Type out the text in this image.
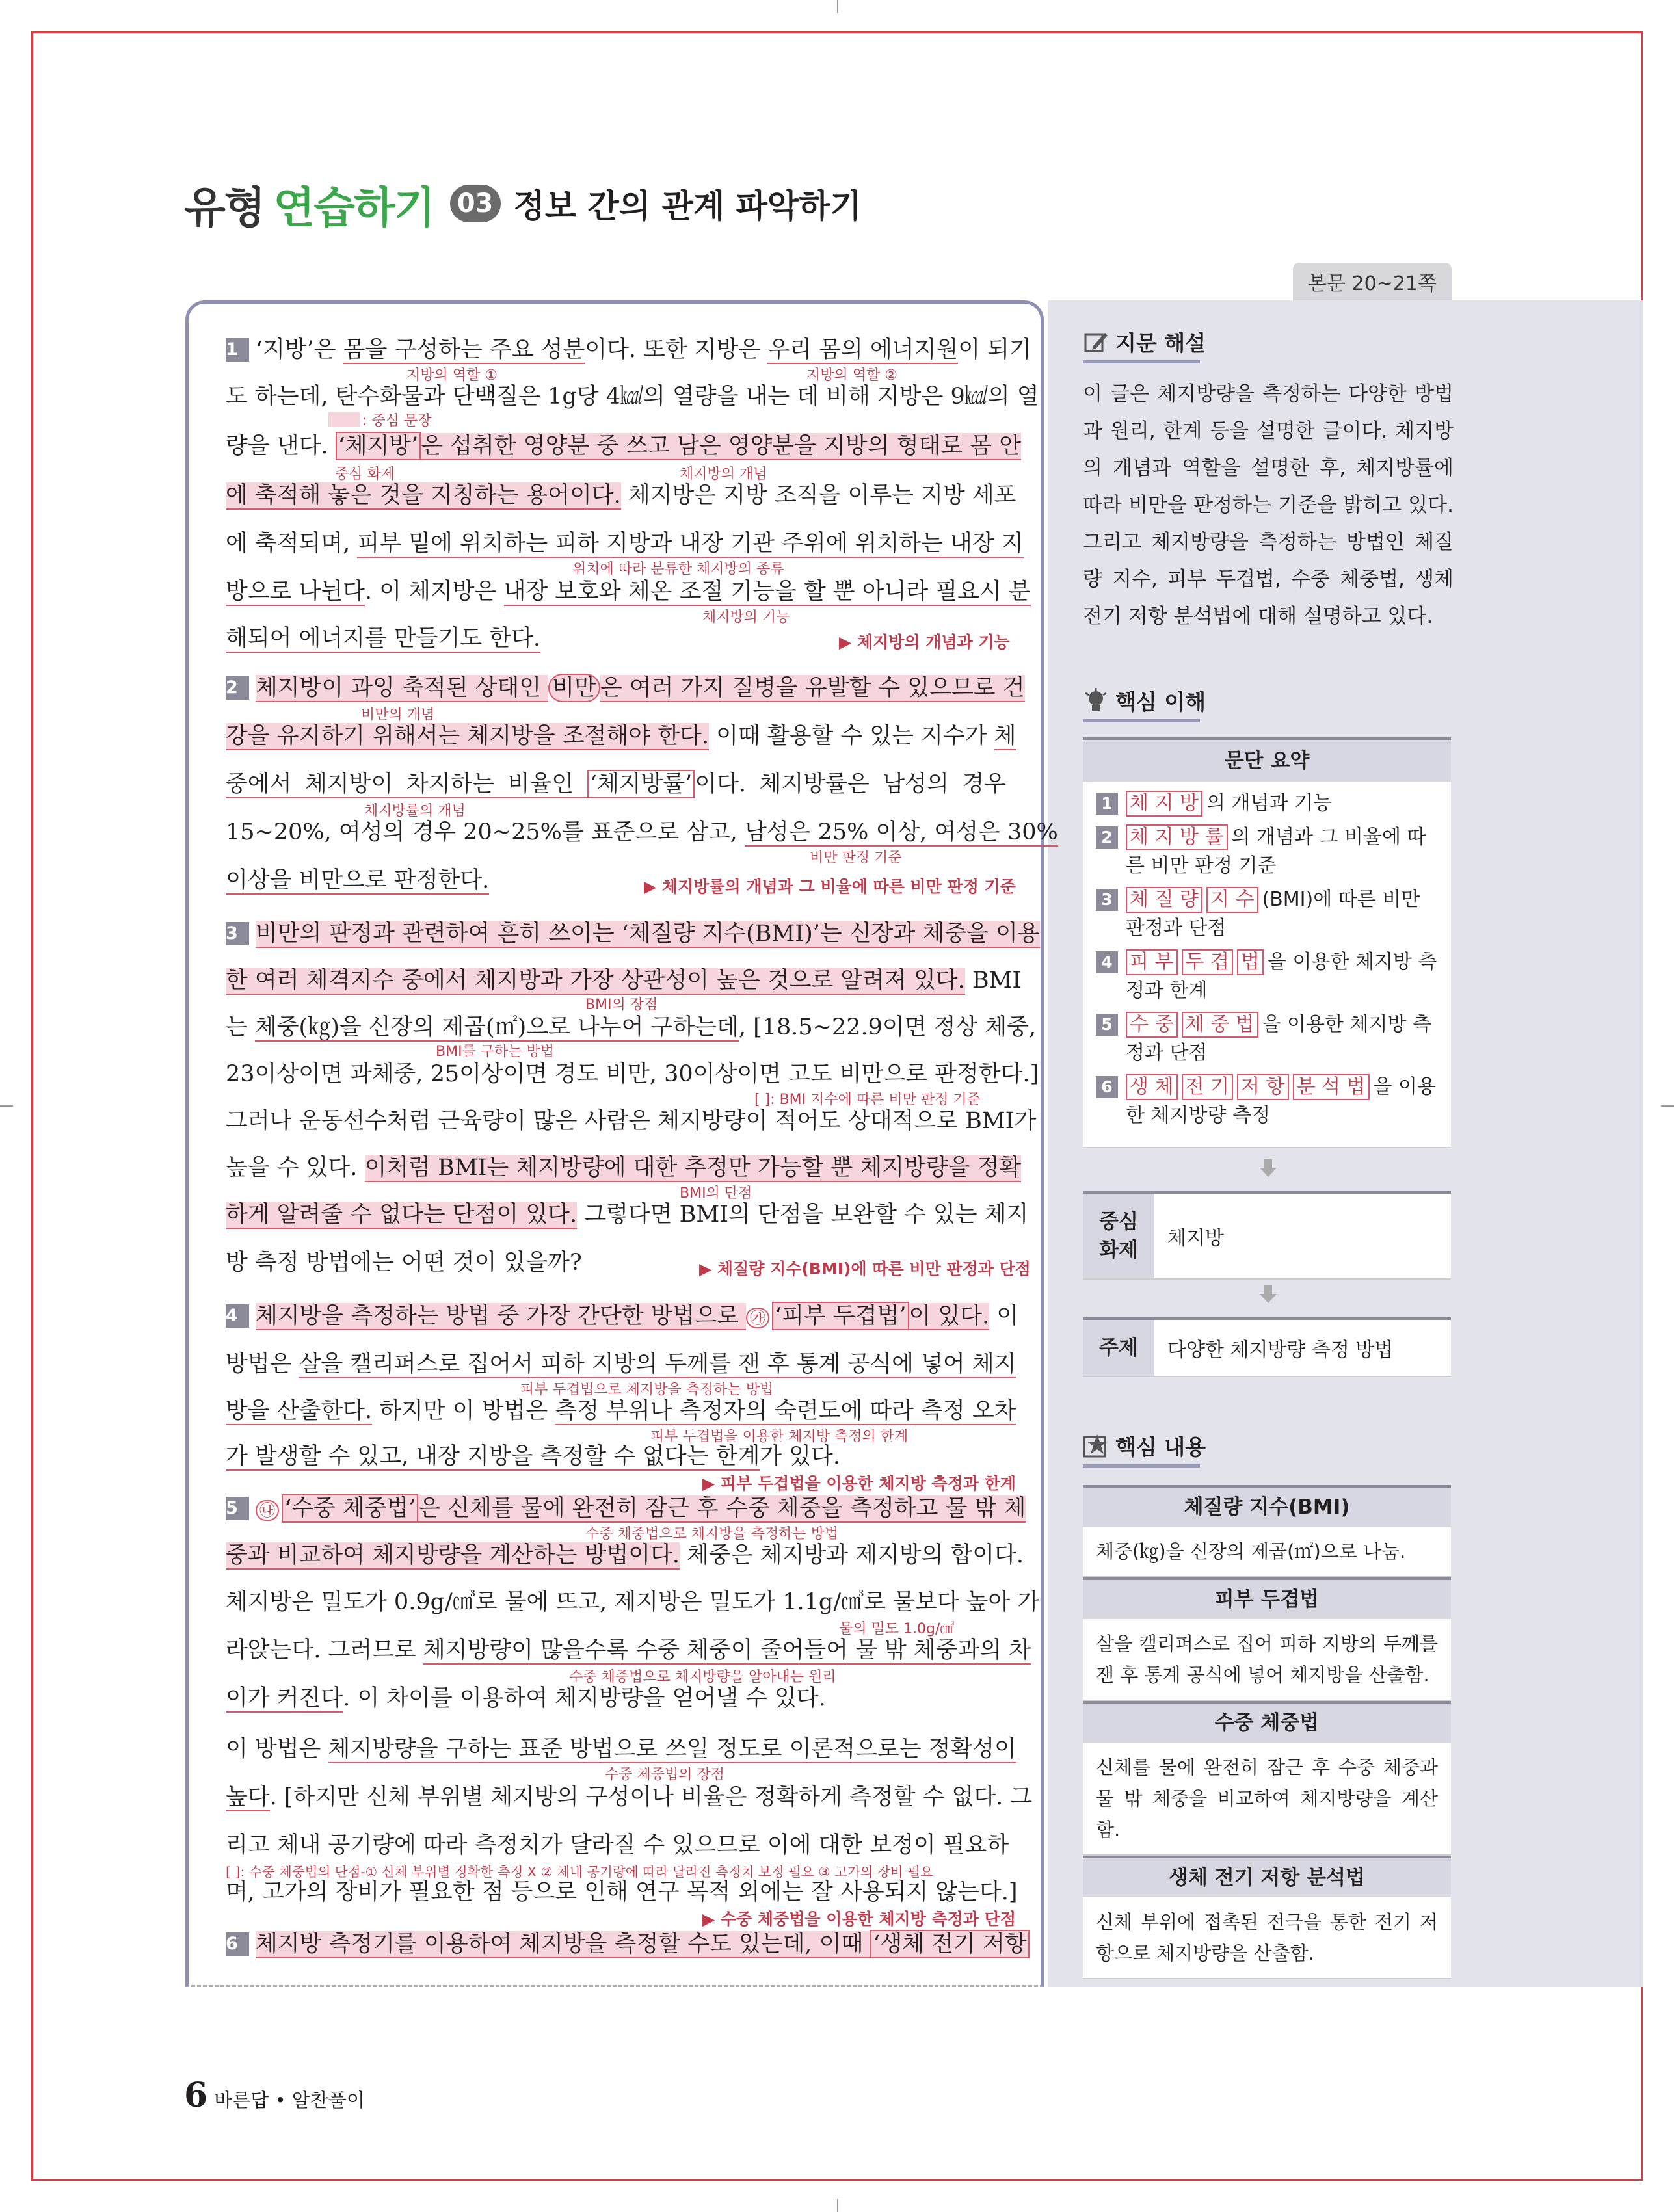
유형 연습하기 03 정보 간의 관계 파악하기
본문 20~21쪽
1 ‘지방’은 몸을 구성하는 주요 성분이다. 또한 지방은 우리 몸의 에너지원이 되기
도 하는데, 탄수화물과 단백질은 1g당 4㎉의 열량을 내는 데 비해 지방은 9㎉의 열
량을 낸다. ‘체지방’ 은 섭취한 영양분 중 쓰고 남은 영양분을 지방의 형태로 몸 안
에 축적해 놓은 것을 지칭하는 용어이다. 체지방은 지방 조직을 이루는 지방 세포
에 축적되며, 피부 밑에 위치하는 피하 지방과 내장 기관 주위에 위치하는 내장 지
방으로 나뉜다. 이 체지방은 내장 보호와 체온 조절 기능을 할 뿐 아니라 필요시 분
해되어 에너지를 만들기도 한다.
2 체지방이 과잉 축적된 상태인 비만 은 여러 가지 질병을 유발할 수 있으므로 건
강을 유지하기 위해서는 체지방을 조절해야 한다. 이때 활용할 수 있는 지수가 체
중에서 체지방이 차지하는 비율인 ‘체지방률’ 이다. 체지방률은 남성의 경우
15~20%, 여성의 경우 20~25%를 표준으로 삼고, 남성은 25% 이상, 여성은 30%
이상을 비만으로 판정한다.
3 비만의 판정과 관련하여 흔히 쓰이는 ‘체질량 지수(BMI)’는 신장과 체중을 이용
한 여러 체격지수 중에서 체지방과 가장 상관성이 높은 것으로 알려져 있다. BMI
는 체중(㎏)을 신장의 제곱(㎡)으로 나누어 구하는데, [18.5~22.9이면 정상 체중,
23이상이면 과체중, 25이상이면 경도 비만, 30이상이면 고도 비만으로 판정한다.]
그러나 운동선수처럼 근육량이 많은 사람은 체지방량이 적어도 상대적으로 BMI가
높을 수 있다. 이처럼 BMI는 체지방량에 대한 추정만 가능할 뿐 체지방량을 정확
하게 알려줄 수 없다는 단점이 있다. 그렇다면 BMI의 단점을 보완할 수 있는 체지
방 측정 방법에는 어떤 것이 있을까?
4 체지방을 측정하는 방법 중 가장 간단한 방법으로 ㉮ ‘피부 두겹법’ 이 있다. 이
방법은 살을 캘리퍼스로 집어서 피하 지방의 두께를 잰 후 통계 공식에 넣어 체지
방을 산출한다. 하지만 이 방법은 측정 부위나 측정자의 숙련도에 따라 측정 오차
가 발생할 수 있고, 내장 지방을 측정할 수 없다는 한계가 있다.
5 ㉯ ‘수중 체중법’ 은 신체를 물에 완전히 잠근 후 수중 체중을 측정하고 물 밖 체
중과 비교하여 체지방량을 계산하는 방법이다. 체중은 체지방과 제지방의 합이다.
체지방은 밀도가 0.9g/㎤로 물에 뜨고, 제지방은 밀도가 1.1g/㎤로 물보다 높아 가
라앉는다. 그러므로 체지방량이 많을수록 수중 체중이 줄어들어 물 밖 체중과의 차
이가 커진다. 이 차이를 이용하여 체지방량을 얻어낼 수 있다.
이 방법은 체지방량을 구하는 표준 방법으로 쓰일 정도로 이론적으로는 정확성이
높다. [하지만 신체 부위별 체지방의 구성이나 비율은 정확하게 측정할 수 없다. 그
리고 체내 공기량에 따라 측정치가 달라질 수 있으므로 이에 대한 보정이 필요하
며, 고가의 장비가 필요한 점 등으로 인해 연구 목적 외에는 잘 사용되지 않는다.]
6 체지방 측정기를 이용하여 체지방을 측정할 수도 있는데, 이때 ‘생체 전기 저항
지방의 역할 ①	지방의 역할 ②
: 중심 문장
중심 화제	체지방의 개념
위치에 따라 분류한 체지방의 종류
체지방의 기능
▶ 체지방의 개념과 기능
비만의 개념
체지방률의 개념
비만 판정 기준
▶ 체지방률의 개념과 그 비율에 따른 비만 판정 기준
BMI의 장점
BMI를 구하는 방법
[ ]: BMI 지수에 따른 비만 판정 기준
BMI의 단점
▶ 체질량 지수(BMI)에 따른 비만 판정과 단점
피부 두겹법으로 체지방을 측정하는 방법
피부 두겹법을 이용한 체지방 측정의 한계
▶ 피부 두겹법을 이용한 체지방 측정과 한계
수중 체중법으로 체지방을 측정하는 방법
물의 밀도 1.0g/㎤
수중 체중법으로 체지방량을 알아내는 원리
수중 체중법의 장점
[ ]: 수중 체중법의 단점-① 신체 부위별 정확한 측정 X ② 체내 공기량에 따라 달라진 측정치 보정 필요 ③ 고가의 장비 필요
▶ 수중 체중법을 이용한 체지방 측정과 단점
지문 해설
이 글은 체지방량을 측정하는 다양한 방법과 원리, 한계 등을 설명한 글이다. 체지방의 개념과 역할을 설명한 후, 체지방률에 따라 비만을 판정하는 기준을 밝히고 있다. 그리고 체지방량을 측정하는 방법인 체질량 지수, 피부 두겹법, 수중 체중법, 생체 전기 저항 분석법에 대해 설명하고 있다.
핵심 이해
문단 요약
1 체 지 방 의 개념과 기능
2 체 지 방 률 의 개념과 그 비율에 따른 비만 판정 기준
3 체 질 량 지 수 (BMI)에 따른 비만 판정과 단점
4 피 부 두 겹 법 을 이용한 체지방 측정과 한계
5 수 중 체 중 법 을 이용한 체지방 측정과 단점
6 생 체 전 기 저 항 분 석 법 을 이용한 체지방량 측정
중심 화제
체지방
주제	다양한 체지방량 측정 방법
핵심 내용
체질량 지수(BMI)
체중(㎏)을 신장의 제곱(㎡)으로 나눔.
피부 두겹법
살을 캘리퍼스로 집어 피하 지방의 두께를 잰 후 통계 공식에 넣어 체지방을 산출함.
수중 체중법
신체를 물에 완전히 잠근 후 수중 체중과 물 밖 체중을 비교하여 체지방량을 계산함.
생체 전기 저항 분석법
신체 부위에 접촉된 전극을 통한 전기 저항으로 체지방량을 산출함.
6 바른답 • 알찬풀이
